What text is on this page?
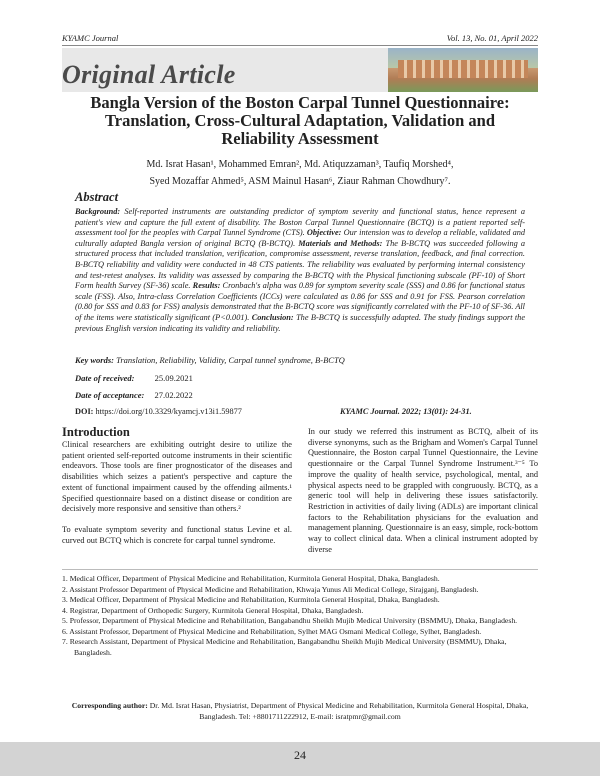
KYAMC Journal	Vol. 13, No. 01, April 2022
Original Article
Bangla Version of the Boston Carpal Tunnel Questionnaire: Translation, Cross-Cultural Adaptation, Validation and Reliability Assessment
Md. Israt Hasan¹, Mohammed Emran², Md. Atiquzzaman³, Taufiq Morshed⁴,
Syed Mozaffar Ahmed⁵, ASM Mainul Hasan⁶, Ziaur Rahman Chowdhury⁷.
Abstract
Background: Self-reported instruments are outstanding predictor of symptom severity and functional status, hence represent a patient's view and capture the full extent of disability. The Boston Carpal Tunnel Questionnaire (BCTQ) is a patient reported self-assessment tool for the peoples with Carpal Tunnel Syndrome (CTS). Objective: Our intension was to develop a reliable, validated and culturally adapted Bangla version of original BCTQ (B-BCTQ). Materials and Methods: The B-BCTQ was succeeded following a structured process that included translation, verification, compromise assessment, reverse translation, feedback, and final correction. B-BCTQ reliability and validity were conducted in 48 CTS patients. The reliability was evaluated by performing internal consistency and test-retest analyses. Its validity was assessed by comparing the B-BCTQ with the Physical functioning subscale (PF-10) of Short Form health Survey (SF-36) scale. Results: Cronbach's alpha was 0.89 for symptom severity scale (SSS) and 0.86 for functional status scale (FSS). Also, Intra-class Correlation Coefficients (ICCs) were calculated as 0.86 for SSS and 0.91 for FSS. Pearson correlation (0.80 for SSS and 0.83 for FSS) analysis demonstrated that the B-BCTQ score was significantly correlated with the PF-10 of SF-36. All of the items were statistically significant (P<0.001). Conclusion: The B-BCTQ is successfully adapted. The study findings support the previous English version indicating its validity and reliability.
Key words: Translation, Reliability, Validity, Carpal tunnel syndrome, B-BCTQ
Date of received: 25.09.2021
Date of acceptance: 27.02.2022
DOI: https://doi.org/10.3329/kyamcj.v13i1.59877	KYAMC Journal. 2022; 13(01): 24-31.
Introduction
Clinical researchers are exhibiting outright desire to utilize the patient oriented self-reported outcome instruments in their scientific endeavors. Those tools are finer prognosticator of the diseases and disabilities which seizes a patient's perspective and capture the extent of functional impairment caused by the offending ailments.¹ Specified questionnaire based on a distinct disease or condition are decisively more responsive and sensitive than others.²
To evaluate symptom severity and functional status Levine et al. curved out BCTQ which is concrete for carpal tunnel syndrome.
In our study we referred this instrument as BCTQ, albeit of its diverse synonyms, such as the Brigham and Women's Carpal Tunnel Questionnaire, the Boston carpal Tunnel Questionnaire, the Levine questionnaire or the Carpal Tunnel Syndrome Instrument.³⁻⁵ To improve the quality of health service, psychological, mental, and physical aspects need to be grappled with congruously. BCTQ, as a generic tool will help in delivering these issues satisfactorily. Restriction in activities of daily living (ADLs) are important clinical factors to the Rehabilitation physicians for the evaluation and management planning. Questionnaire is an easy, simple, rock-bottom way to collect clinical data. When a clinical instrument adopted by diverse
1. Medical Officer, Department of Physical Medicine and Rehabilitation, Kurmitola General Hospital, Dhaka, Bangladesh.
2. Assistant Professor Department of Physical Medicine and Rehabilitation, Khwaja Yunus Ali Medical College, Sirajganj, Bangladesh.
3. Medical Officer, Department of Physical Medicine and Rehabilitation, Kurmitola General Hospital, Dhaka, Bangladesh.
4. Registrar, Department of Orthopedic Surgery, Kurmitola General Hospital, Dhaka, Bangladesh.
5. Professor, Department of Physical Medicine and Rehabilitation, Bangabandhu Sheikh Mujib Medical University (BSMMU), Dhaka, Bangladesh.
6. Assistant Professor, Department of Physical Medicine and Rehabilitation, Sylhet MAG Osmani Medical College, Sylhet, Bangladesh.
7. Research Assistant, Department of Physical Medicine and Rehabilitation, Bangabandhu Sheikh Mujib Medical University (BSMMU), Dhaka, Bangladesh.
Corresponding author: Dr. Md. Israt Hasan, Physiatrist, Department of Physical Medicine and Rehabilitation, Kurmitola General Hospital, Dhaka, Bangladesh. Tel: +8801711222912, E-mail: isratpmr@gmail.com
24
